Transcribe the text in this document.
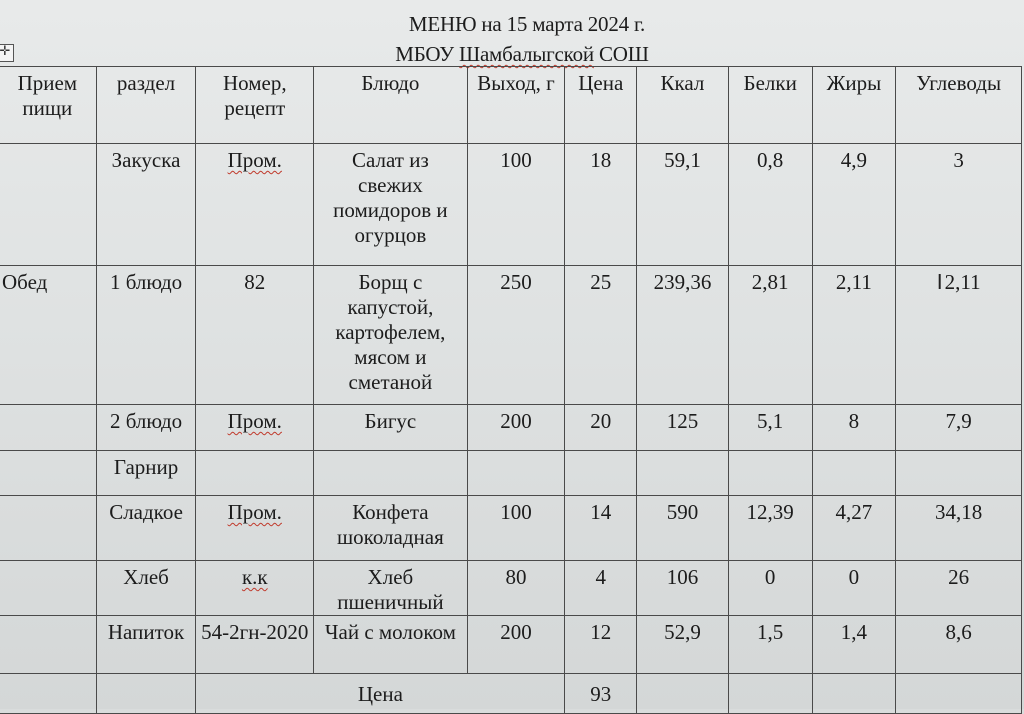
✛
МЕНЮ на 15 марта 2024 г.
МБОУ Шамбалыгской СОШ
Прием пищи	раздел	Номер, рецепт	Блюдо	Выход, г	Цена	Ккал	Белки	Жиры	Углеводы
	Закуска	Пром.	Салат из свежих помидоров и огурцов	100	18	59,1	0,8	4,9	3
Обед	1 блюдо	82	Борщ с капустой, картофелем, мясом и сметаной	250	25	239,36	2,81	2,11	I2,11
	2 блюдо	Пром.	Бигус	200	20	125	5,1	8	7,9
	Гарнир								
	Сладкое	Пром.	Конфета шоколадная	100	14	590	12,39	4,27	34,18
	Хлеб	к.к	Хлеб пшеничный	80	4	106	0	0	26
	Напиток	54-2гн-2020	Чай с молоком	200	12	52,9	1,5	1,4	8,6
		Цена			93				
